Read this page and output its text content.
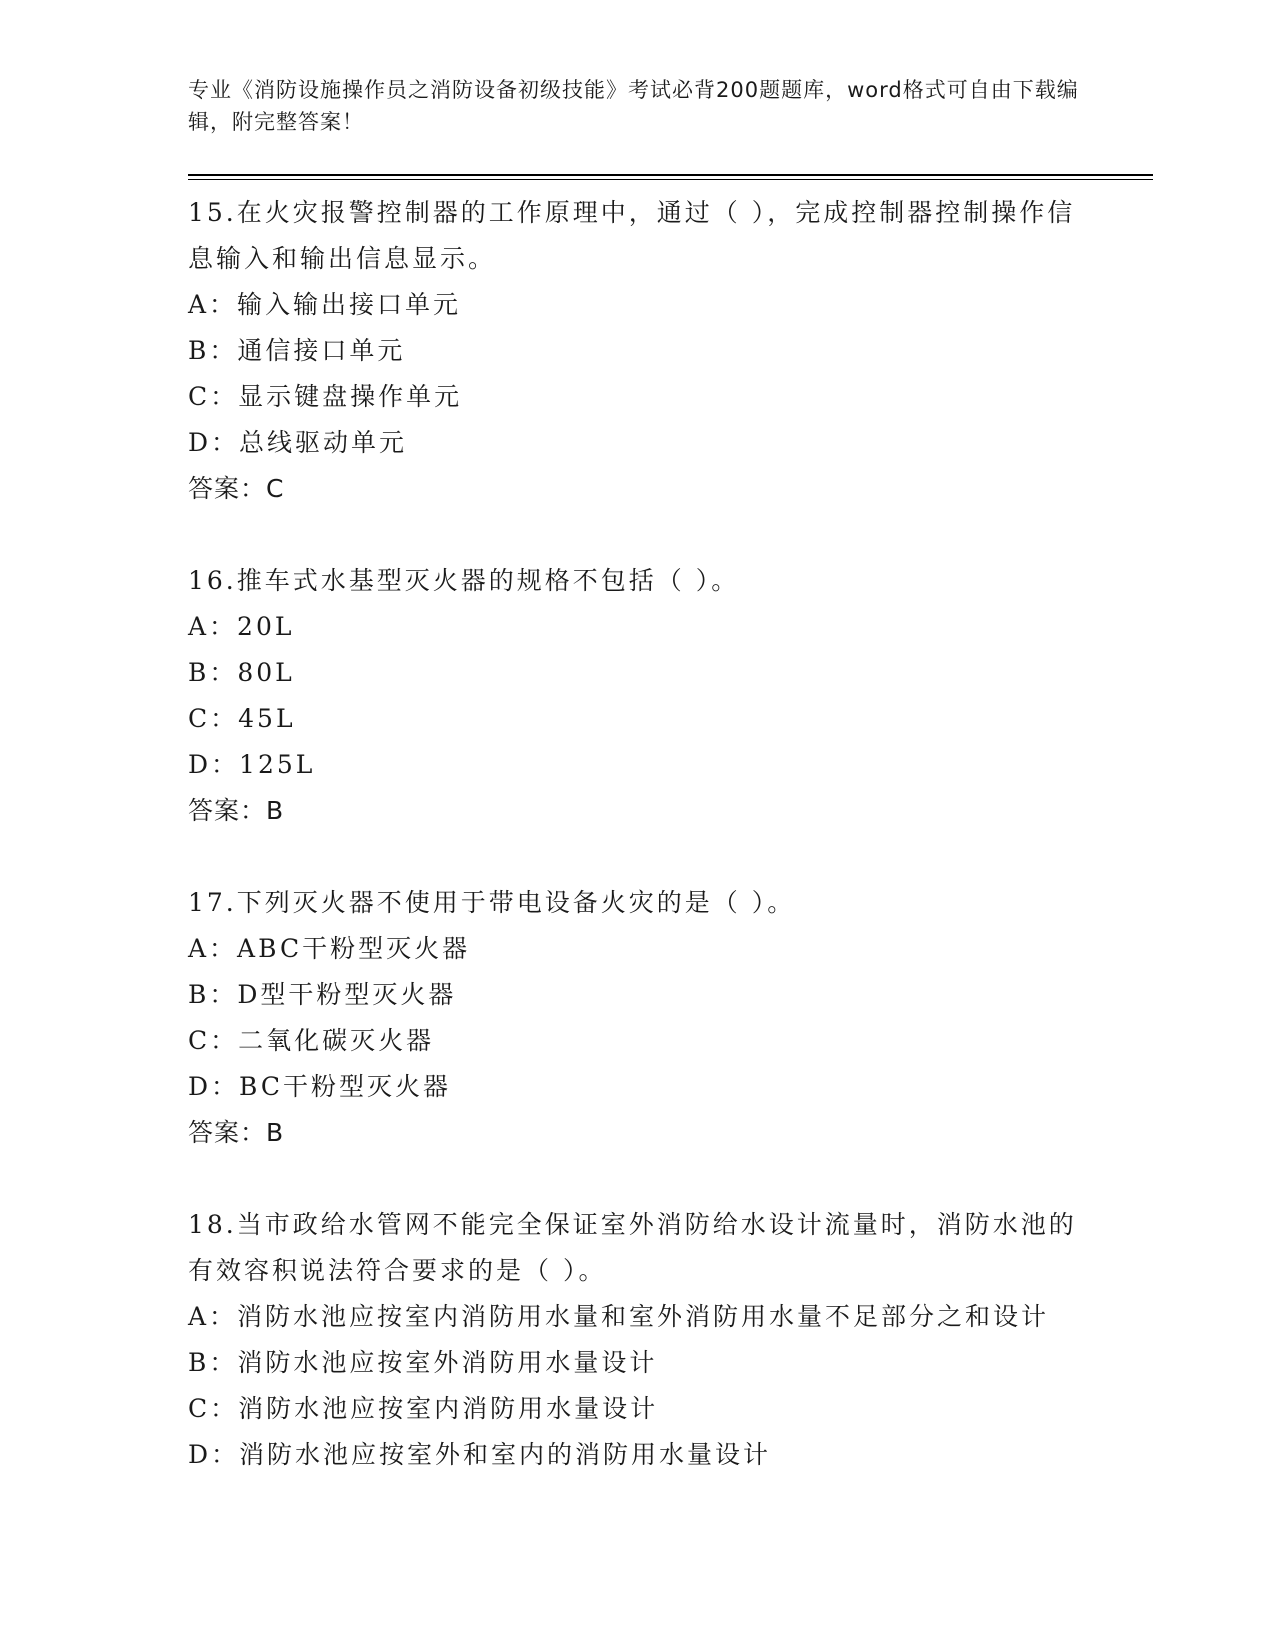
专业《消防设施操作员之消防设备初级技能》考试必背200题题库，word格式可自由下载编辑，附完整答案！

15.在火灾报警控制器的工作原理中，通过（ ），完成控制器控制操作信息输入和输出信息显示。

A：输入输出接口单元

B：通信接口单元

C：显示键盘操作单元

D：总线驱动单元

答案：C

16.推车式水基型灭火器的规格不包括（ ）。

A：20L

B：80L

C：45L

D：125L

答案：B

17.下列灭火器不使用于带电设备火灾的是（ ）。

A：ABC干粉型灭火器

B：D型干粉型灭火器

C：二氧化碳灭火器

D：BC干粉型灭火器

答案：B

18.当市政给水管网不能完全保证室外消防给水设计流量时，消防水池的有效容积说法符合要求的是（ ）。

A：消防水池应按室内消防用水量和室外消防用水量不足部分之和设计

B：消防水池应按室外消防用水量设计

C：消防水池应按室内消防用水量设计

D：消防水池应按室外和室内的消防用水量设计
